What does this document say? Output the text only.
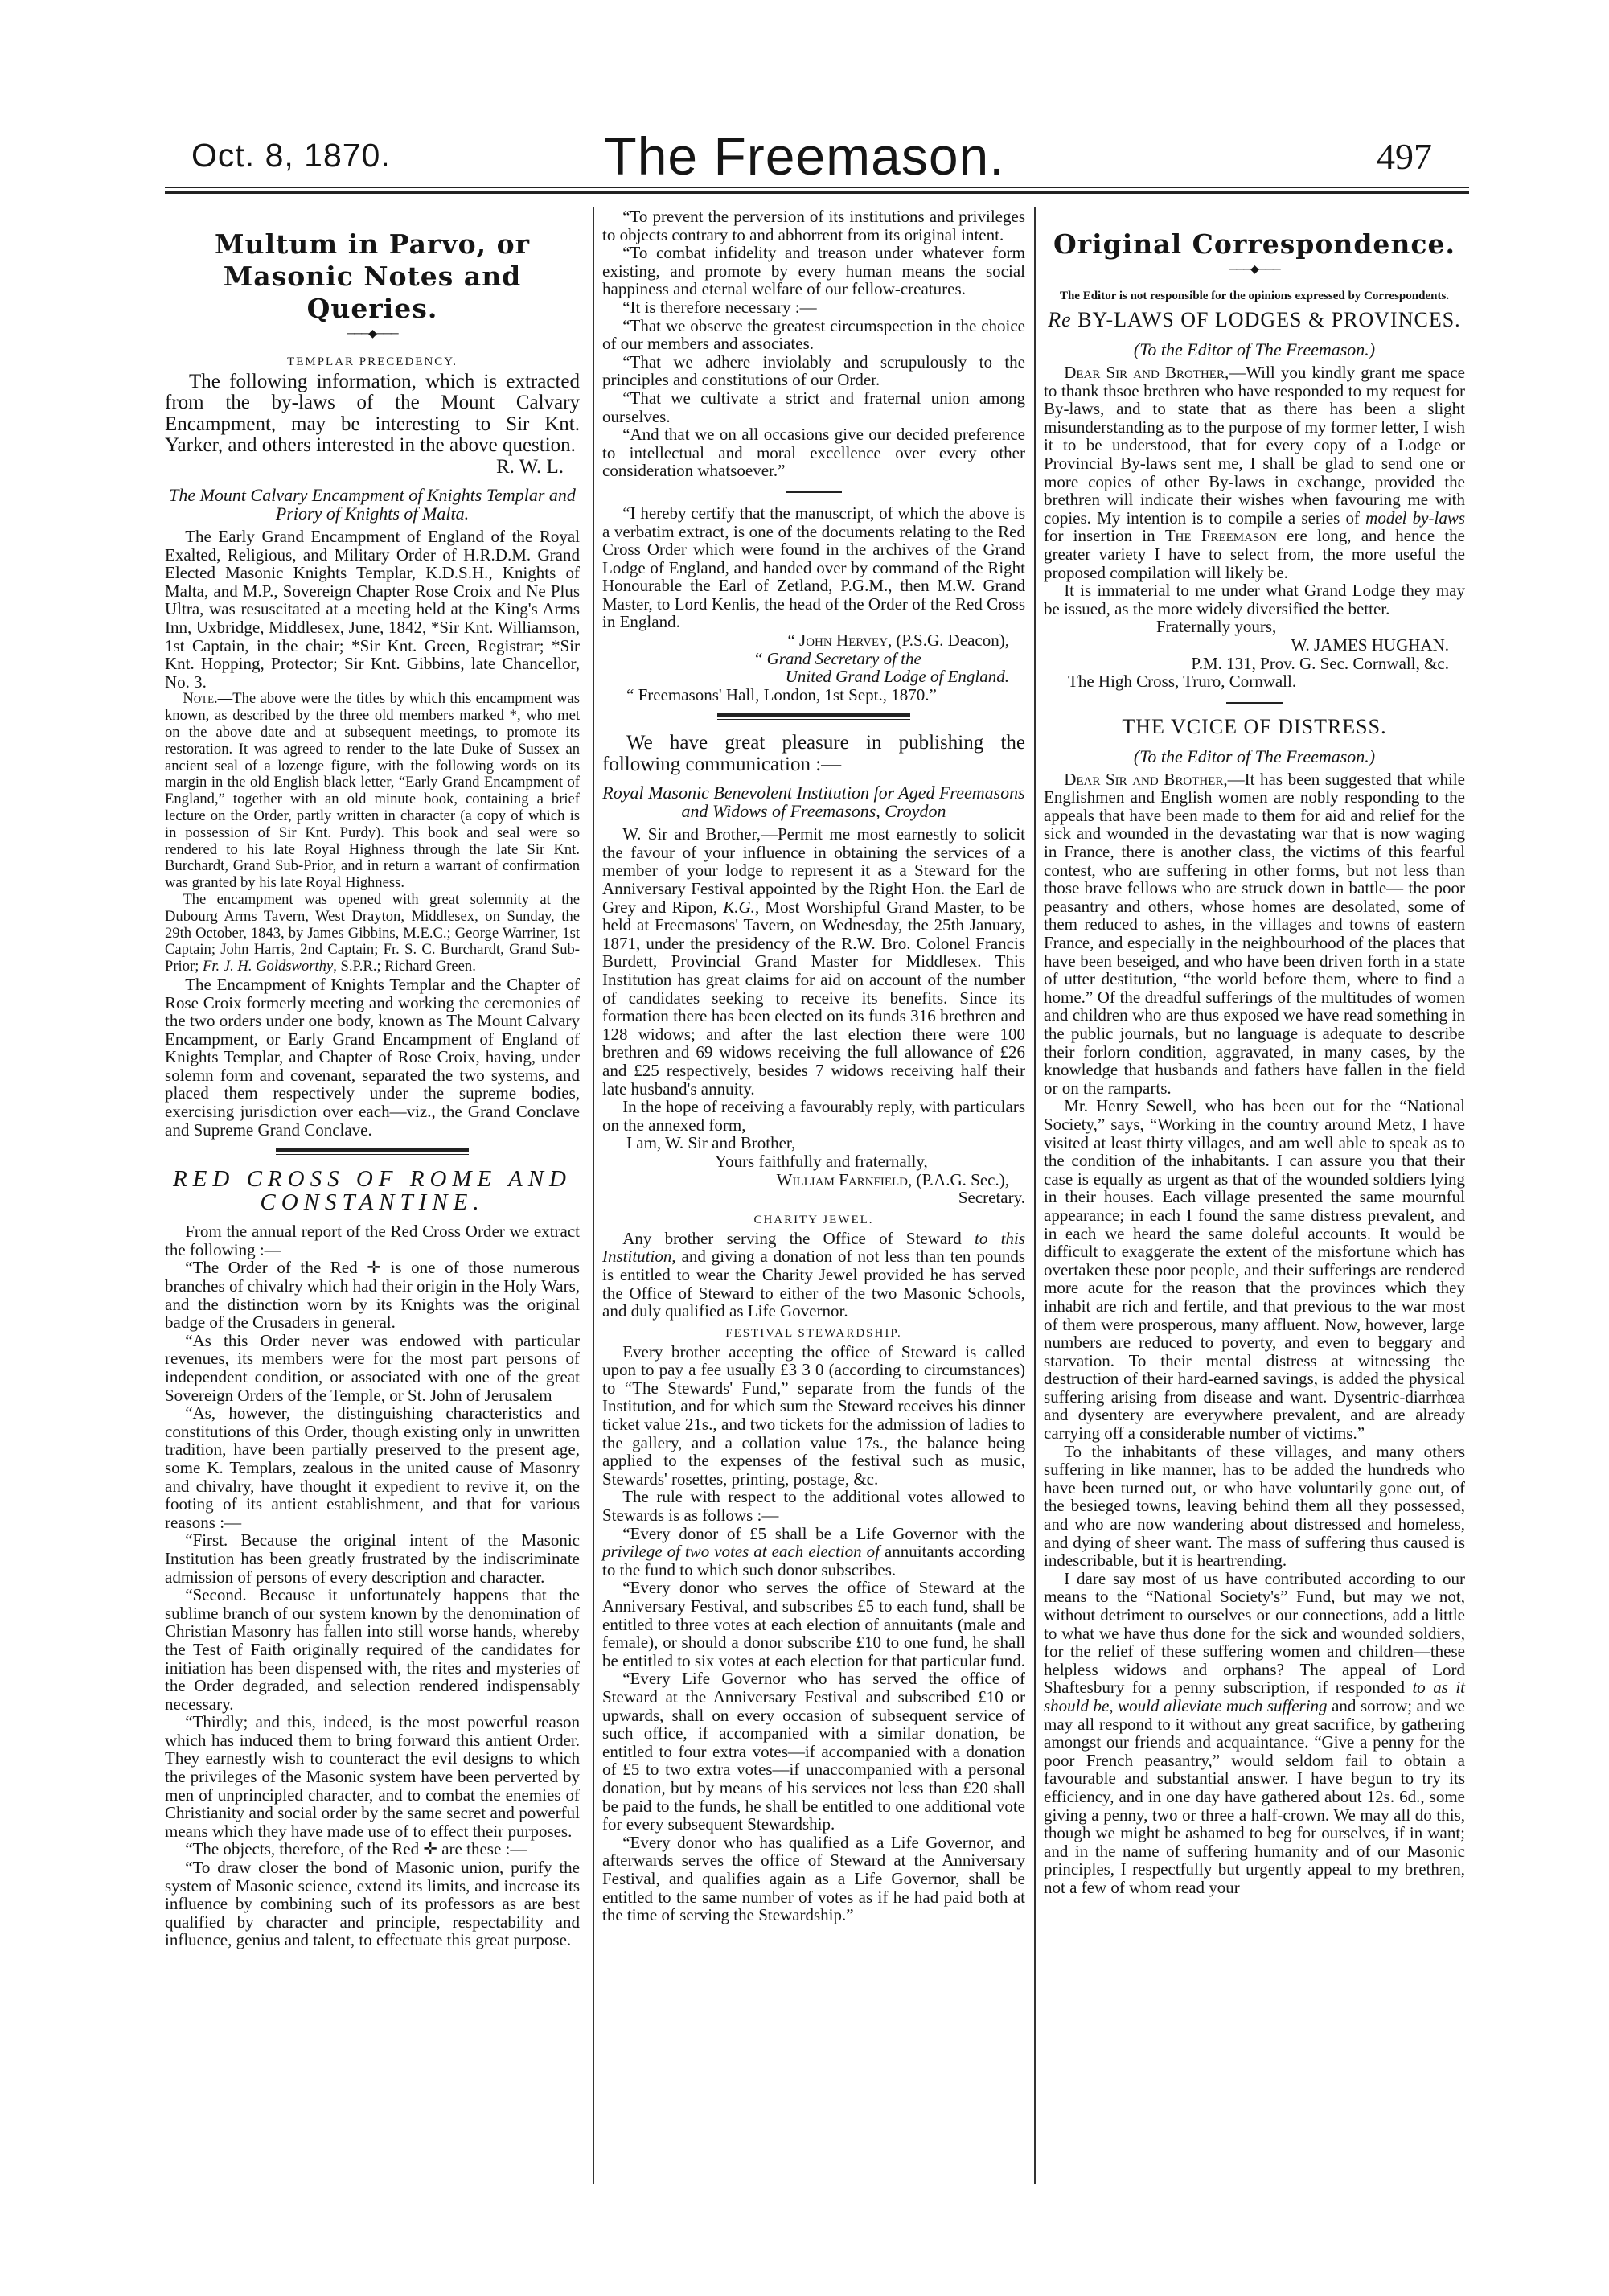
Oct. 8, 1870.	The Freemason.	497
Multum in Parvo, or Masonic Notes and Queries.
───◆───
TEMPLAR PRECEDENCY.

The following information, which is extracted from the by-laws of the Mount Calvary Encampment, may be interesting to Sir Knt. Yarker, and others interested in the above question.

R. W. L.
The Mount Calvary Encampment of Knights Templar and Priory of Knights of Malta.

The Early Grand Encampment of England of the Royal Exalted, Religious, and Military Order of H.R.D.M. Grand Elected Masonic Knights Templar, K.D.S.H., Knights of Malta, and M.P., Sovereign Chapter Rose Croix and Ne Plus Ultra, was resuscitated at a meeting held at the King's Arms Inn, Uxbridge, Middlesex, June, 1842, *Sir Knt. Williamson, 1st Captain, in the chair; *Sir Knt. Green, Registrar; *Sir Knt. Hopping, Protector; Sir Knt. Gibbins, late Chancellor, No. 3.

Note.—The above were the titles by which this encampment was known, as described by the three old members marked *, who met on the above date and at subsequent meetings, to promote its restoration. It was agreed to render to the late Duke of Sussex an ancient seal of a lozenge figure, with the following words on its margin in the old English black letter, “Early Grand Encampment of England,” together with an old minute book, containing a brief lecture on the Order, partly written in character (a copy of which is in possession of Sir Knt. Purdy). This book and seal were so rendered to his late Royal Highness through the late Sir Knt. Burchardt, Grand Sub-Prior, and in return a warrant of confirmation was granted by his late Royal Highness.

The encampment was opened with great solemnity at the Dubourg Arms Tavern, West Drayton, Middlesex, on Sunday, the 29th October, 1843, by James Gibbins, M.E.C.; George Warriner, 1st Captain; John Harris, 2nd Captain; Fr. S. C. Burchardt, Grand Sub-Prior; Fr. J. H. Goldsworthy, S.P.R.; Richard Green.

The Encampment of Knights Templar and the Chapter of Rose Croix formerly meeting and working the ceremonies of the two orders under one body, known as The Mount Calvary Encampment, or Early Grand Encampment of England of Knights Templar, and Chapter of Rose Croix, having, under solemn form and covenant, separated the two systems, and placed them respectively under the supreme bodies, exercising jurisdiction over each—viz., the Grand Conclave and Supreme Grand Conclave.

RED CROSS OF ROME AND CONSTANTINE.

From the annual report of the Red Cross Order we extract the following :—

“The Order of the Red ✛ is one of those numerous branches of chivalry which had their origin in the Holy Wars, and the distinction worn by its Knights was the original badge of the Crusaders in general.

“As this Order never was endowed with particular revenues, its members were for the most part persons of independent condition, or associated with one of the great Sovereign Orders of the Temple, or St. John of Jerusalem

“As, however, the distinguishing characteristics and constitutions of this Order, though existing only in unwritten tradition, have been partially preserved to the present age, some K. Templars, zealous in the united cause of Masonry and chivalry, have thought it expedient to revive it, on the footing of its antient establishment, and that for various reasons :—

“First. Because the original intent of the Masonic Institution has been greatly frustrated by the indiscriminate admission of persons of every description and character.

“Second. Because it unfortunately happens that the sublime branch of our system known by the denomination of Christian Masonry has fallen into still worse hands, whereby the Test of Faith originally required of the candidates for initiation has been dispensed with, the rites and mysteries of the Order degraded, and selection rendered indispensably necessary.

“Thirdly; and this, indeed, is the most powerful reason which has induced them to bring forward this antient Order. They earnestly wish to counteract the evil designs to which the privileges of the Masonic system have been perverted by men of unprincipled character, and to combat the enemies of Christianity and social order by the same secret and powerful means which they have made use of to effect their purposes.

“The objects, therefore, of the Red ✛ are these :—

“To draw closer the bond of Masonic union, purify the system of Masonic science, extend its limits, and increase its influence by combining such of its professors as are best qualified by character and principle, respectability and influence, genius and talent, to effectuate this great purpose.

“To prevent the perversion of its institutions and privileges to objects contrary to and abhorrent from its original intent.

“To combat infidelity and treason under whatever form existing, and promote by every human means the social happiness and eternal welfare of our fellow-creatures.

“It is therefore necessary :—

“That we observe the greatest circumspection in the choice of our members and associates.

“That we adhere inviolably and scrupulously to the principles and constitutions of our Order.

“That we cultivate a strict and fraternal union among ourselves.

“And that we on all occasions give our decided preference to intellectual and moral excellence over every other consideration whatsoever.”

“I hereby certify that the manuscript, of which the above is a verbatim extract, is one of the documents relating to the Red Cross Order which were found in the archives of the Grand Lodge of England, and handed over by command of the Right Honourable the Earl of Zetland, P.G.M., then M.W. Grand Master, to Lord Kenlis, the head of the Order of the Red Cross in England.

“ John Hervey, (P.S.G. Deacon),
“ Grand Secretary of the
United Grand Lodge of England.
“ Freemasons' Hall, London, 1st Sept., 1870.”

We have great pleasure in publishing the following communication :—

Royal Masonic Benevolent Institution for Aged Freemasons and Widows of Freemasons, Croydon

W. Sir and Brother,—Permit me most earnestly to solicit the favour of your influence in obtaining the services of a member of your lodge to represent it as a Steward for the Anniversary Festival appointed by the Right Hon. the Earl de Grey and Ripon, K.G., Most Worshipful Grand Master, to be held at Freemasons' Tavern, on Wednesday, the 25th January, 1871, under the presidency of the R.W. Bro. Colonel Francis Burdett, Provincial Grand Master for Middlesex. This Institution has great claims for aid on account of the number of candidates seeking to receive its benefits. Since its formation there has been elected on its funds 316 brethren and 128 widows; and after the last election there were 100 brethren and 69 widows receiving the full allowance of £26 and £25 respectively, besides 7 widows receiving half their late husband's annuity.

In the hope of receiving a favourably reply, with particulars on the annexed form,

I am, W. Sir and Brother,
Yours faithfully and fraternally,
William Farnfield, (P.A.G. Sec.),
Secretary.
CHARITY JEWEL.

Any brother serving the Office of Steward to this Institution, and giving a donation of not less than ten pounds is entitled to wear the Charity Jewel provided he has served the Office of Steward to either of the two Masonic Schools, and duly qualified as Life Governor.

FESTIVAL STEWARDSHIP.

Every brother accepting the office of Steward is called upon to pay a fee usually £3 3 0 (according to circumstances) to “The Stewards' Fund,” separate from the funds of the Institution, and for which sum the Steward receives his dinner ticket value 21s., and two tickets for the admission of ladies to the gallery, and a collation value 17s., the balance being applied to the expenses of the festival such as music, Stewards' rosettes, printing, postage, &c.

The rule with respect to the additional votes allowed to Stewards is as follows :—

“Every donor of £5 shall be a Life Governor with the privilege of two votes at each election of annuitants according to the fund to which such donor subscribes.

“Every donor who serves the office of Steward at the Anniversary Festival, and subscribes £5 to each fund, shall be entitled to three votes at each election of annuitants (male and female), or should a donor subscribe £10 to one fund, he shall be entitled to six votes at each election for that particular fund.

“Every Life Governor who has served the office of Steward at the Anniversary Festival and subscribed £10 or upwards, shall on every occasion of subsequent service of such office, if accompanied with a similar donation, be entitled to four extra votes—if accompanied with a donation of £5 to two extra votes—if unaccompanied with a personal donation, but by means of his services not less than £20 shall be paid to the funds, he shall be entitled to one additional vote for every subsequent Stewardship.

“Every donor who has qualified as a Life Governor, and afterwards serves the office of Steward at the Anniversary Festival, and qualifies again as a Life Governor, shall be entitled to the same number of votes as if he had paid both at the time of serving the Stewardship.”

Original Correspondence.
───◆───

The Editor is not responsible for the opinions expressed by Correspondents.

Re BY-LAWS OF LODGES & PROVINCES.
(To the Editor of The Freemason.)

Dear Sir and Brother,—Will you kindly grant me space to thank thsoe brethren who have responded to my request for By-laws, and to state that as there has been a slight misunderstanding as to the purpose of my former letter, I wish it to be understood, that for every copy of a Lodge or Provincial By-laws sent me, I shall be glad to send one or more copies of other By-laws in exchange, provided the brethren will indicate their wishes when favouring me with copies. My intention is to compile a series of model by-laws for insertion in The Freemason ere long, and hence the greater variety I have to select from, the more useful the proposed compilation will likely be.

It is immaterial to me under what Grand Lodge they may be issued, as the more widely diversified the better.

Fraternally yours,
W. JAMES HUGHAN.
P.M. 131, Prov. G. Sec. Cornwall, &c.
The High Cross, Truro, Cornwall.
THE VCICE OF DISTRESS.
(To the Editor of The Freemason.)

Dear Sir and Brother,—It has been suggested that while Englishmen and English women are nobly responding to the appeals that have been made to them for aid and relief for the sick and wounded in the devastating war that is now waging in France, there is another class, the victims of this fearful contest, who are suffering in other forms, but not less than those brave fellows who are struck down in battle— the poor peasantry and others, whose homes are desolated, some of them reduced to ashes, in the villages and towns of eastern France, and especially in the neighbourhood of the places that have been beseiged, and who have been driven forth in a state of utter destitution, “the world before them, where to find a home.” Of the dreadful sufferings of the multitudes of women and children who are thus exposed we have read something in the public journals, but no language is adequate to describe their forlorn condition, aggravated, in many cases, by the knowledge that husbands and fathers have fallen in the field or on the ramparts.

Mr. Henry Sewell, who has been out for the “National Society,” says, “Working in the country around Metz, I have visited at least thirty villages, and am well able to speak as to the condition of the inhabitants. I can assure you that their case is equally as urgent as that of the wounded soldiers lying in their houses. Each village presented the same mournful appearance; in each I found the same distress prevalent, and in each we heard the same doleful accounts. It would be difficult to exaggerate the extent of the misfortune which has overtaken these poor people, and their sufferings are rendered more acute for the reason that the provinces which they inhabit are rich and fertile, and that previous to the war most of them were prosperous, many affluent. Now, however, large numbers are reduced to poverty, and even to beggary and starvation. To their mental distress at witnessing the destruction of their hard-earned savings, is added the physical suffering arising from disease and want. Dysentric-diarrhœa and dysentery are everywhere prevalent, and are already carrying off a considerable number of victims.”

To the inhabitants of these villages, and many others suffering in like manner, has to be added the hundreds who have been turned out, or who have voluntarily gone out, of the besieged towns, leaving behind them all they possessed, and who are now wandering about distressed and homeless, and dying of sheer want. The mass of suffering thus caused is indescribable, but it is heartrending.

I dare say most of us have contributed according to our means to the “National Society's” Fund, but may we not, without detriment to ourselves or our connections, add a little to what we have thus done for the sick and wounded soldiers, for the relief of these suffering women and children—these helpless widows and orphans? The appeal of Lord Shaftesbury for a penny subscription, if responded to as it should be, would alleviate much suffering and sorrow; and we may all respond to it without any great sacrifice, by gathering amongst our friends and acquaintance. “Give a penny for the poor French peasantry,” would seldom fail to obtain a favourable and substantial answer. I have begun to try its efficiency, and in one day have gathered about 12s. 6d., some giving a penny, two or three a half-crown. We may all do this, though we might be ashamed to beg for ourselves, if in want; and in the name of suffering humanity and of our Masonic principles, I respectfully but urgently appeal to my brethren, not a few of whom read your
